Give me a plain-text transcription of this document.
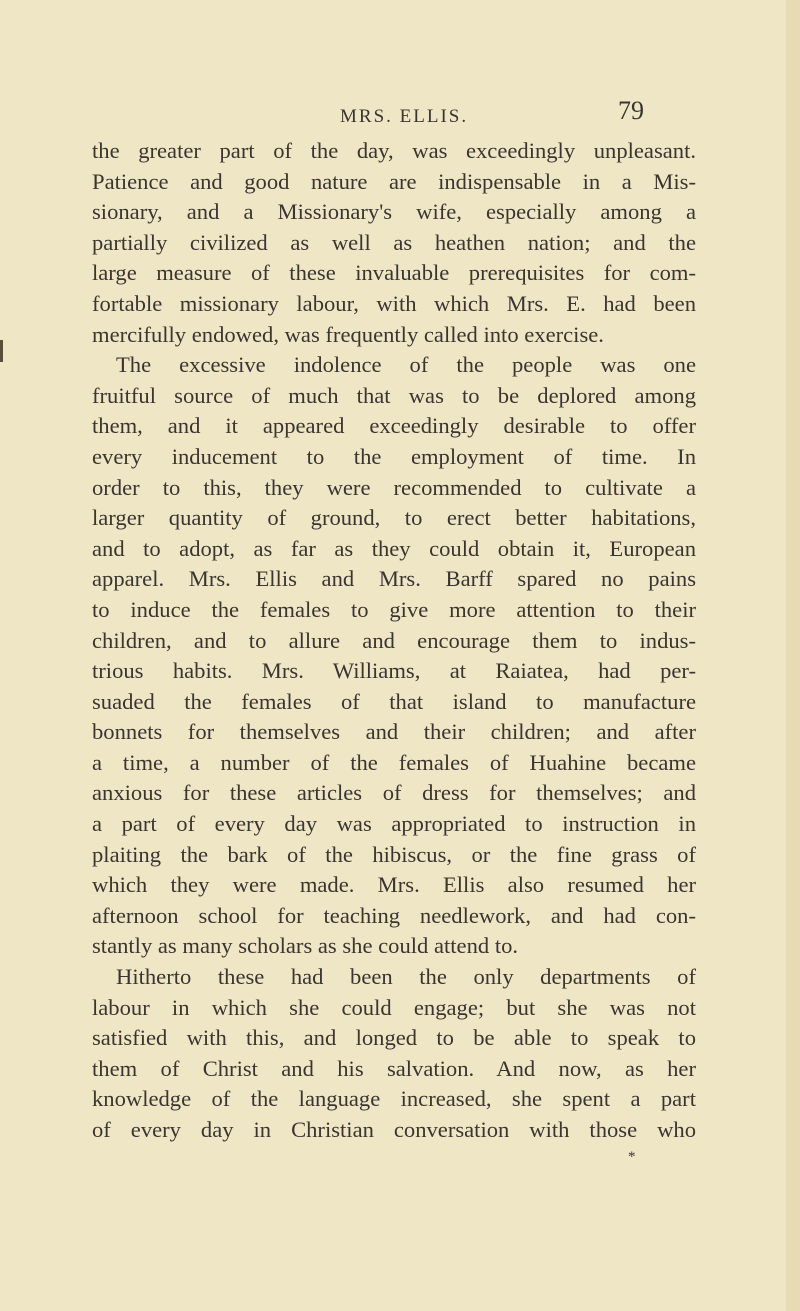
MRS. ELLIS.	79
the greater part of the day, was exceedingly unpleasant.
Patience and good nature are indispensable in a Mis-
sionary, and a Missionary's wife, especially among a
partially civilized as well as heathen nation; and the
large measure of these invaluable prerequisites for com-
fortable missionary labour, with which Mrs. E. had been
mercifully endowed, was frequently called into exercise.
The excessive indolence of the people was one
fruitful source of much that was to be deplored among
them, and it appeared exceedingly desirable to offer
every inducement to the employment of time. In
order to this, they were recommended to cultivate a
larger quantity of ground, to erect better habitations,
and to adopt, as far as they could obtain it, European
apparel. Mrs. Ellis and Mrs. Barff spared no pains
to induce the females to give more attention to their
children, and to allure and encourage them to indus-
trious habits. Mrs. Williams, at Raiatea, had per-
suaded the females of that island to manufacture
bonnets for themselves and their children; and after
a time, a number of the females of Huahine became
anxious for these articles of dress for themselves; and
a part of every day was appropriated to instruction in
plaiting the bark of the hibiscus, or the fine grass of
which they were made. Mrs. Ellis also resumed her
afternoon school for teaching needlework, and had con-
stantly as many scholars as she could attend to.
Hitherto these had been the only departments of
labour in which she could engage; but she was not
satisfied with this, and longed to be able to speak to
them of Christ and his salvation. And now, as her
knowledge of the language increased, she spent a part
of every day in Christian conversation with those who
*
